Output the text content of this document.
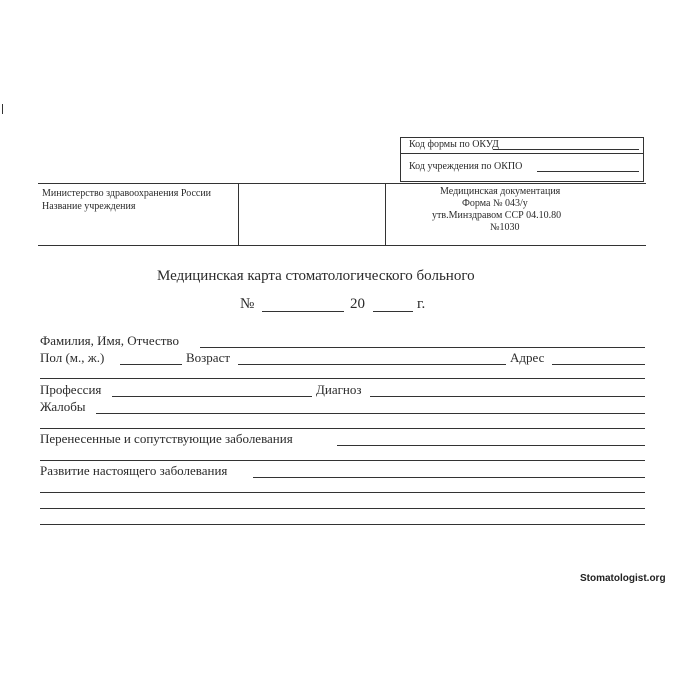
Код формы по ОКУД
Код учреждения по ОКПО
Министерство здравоохранения России
Название учреждения
Медицинская документация
Форма № 043/у
утв.Минздравом ССР 04.10.80
№1030
Медицинская карта стоматологического больного
№	20	г.
Фамилия, Имя, Отчество
Пол (м., ж.)	Возраст	Адрес
Профессия	Диагноз
Жалобы
Перенесенные и сопутствующие заболевания
Развитие настоящего заболевания
Stomatologist.org
